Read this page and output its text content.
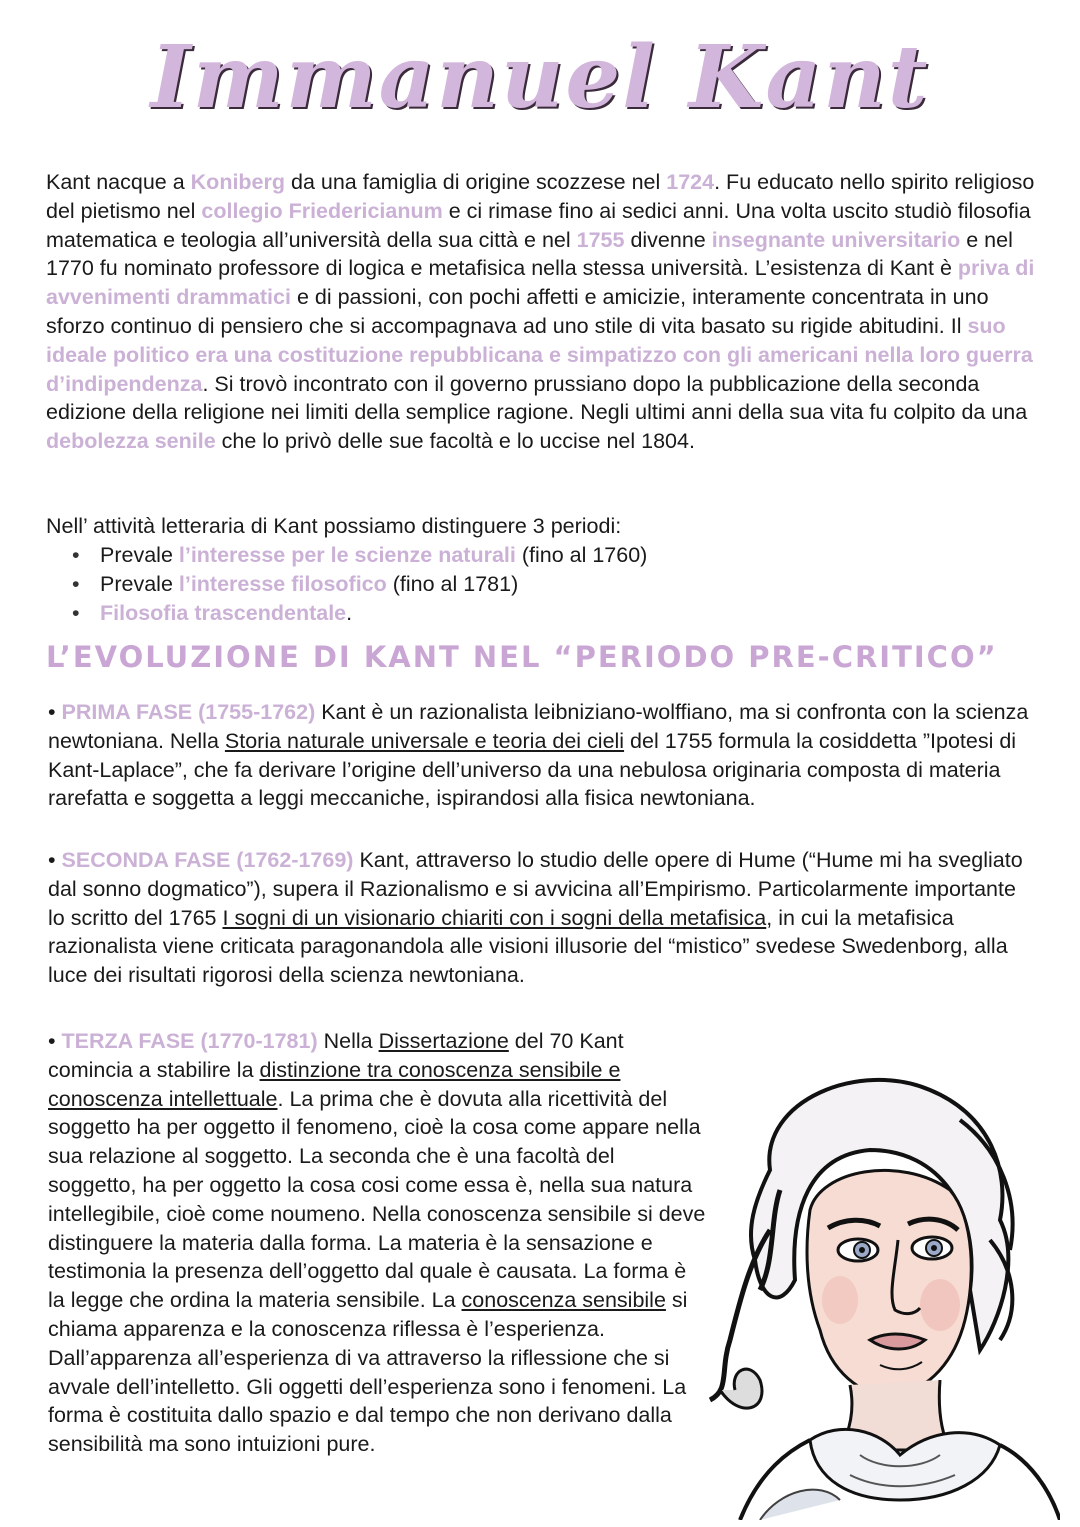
Immanuel Kant

Kant nacque a Koniberg da una famiglia di origine scozzese nel 1724. Fu educato nello spirito religioso del pietismo nel collegio Friedericianum e ci rimase fino ai sedici anni. Una volta uscito studiò filosofia matematica e teologia all’università della sua città e nel 1755 divenne insegnante universitario e nel 1770 fu nominato professore di logica e metafisica nella stessa università. L’esistenza di Kant è priva di avvenimenti drammatici e di passioni, con pochi affetti e amicizie, interamente concentrata in uno sforzo continuo di pensiero che si accompagnava ad uno stile di vita basato su rigide abitudini. Il suo ideale politico era una costituzione repubblicana e simpatizzo con gli americani nella loro guerra d’indipendenza. Si trovò incontrato con il governo prussiano dopo la pubblicazione della seconda edizione della religione nei limiti della semplice ragione. Negli ultimi anni della sua vita fu colpito da una debolezza senile che lo privò delle sue facoltà e lo uccise nel 1804.

Nell’ attività letteraria di Kant possiamo distinguere 3 periodi:

• Prevale l’interesse per le scienze naturali (fino al 1760)
• Prevale l’interesse filosofico (fino al 1781)
• Filosofia trascendentale.
L’EVOLUZIONE DI KANT NEL “PERIODO PRE-CRITICO”

• PRIMA FASE (1755-1762) Kant è un razionalista leibniziano-wolffiano, ma si confronta con la scienza newtoniana. Nella Storia naturale universale e teoria dei cieli del 1755 formula la cosiddetta ”Ipotesi di Kant-Laplace”, che fa derivare l’origine dell’universo da una nebulosa originaria composta di materia rarefatta e soggetta a leggi meccaniche, ispirandosi alla fisica newtoniana.

• SECONDA FASE (1762-1769) Kant, attraverso lo studio delle opere di Hume (“Hume mi ha svegliato dal sonno dogmatico”), supera il Razionalismo e si avvicina all’Empirismo. Particolarmente importante lo scritto del 1765 I sogni di un visionario chiariti con i sogni della metafisica, in cui la metafisica razionalista viene criticata paragonandola alle visioni illusorie del “mistico” svedese Swedenborg, alla luce dei risultati rigorosi della scienza newtoniana.

• TERZA FASE (1770-1781) Nella Dissertazione del 70 Kant comincia a stabilire la distinzione tra conoscenza sensibile e conoscenza intellettuale. La prima che è dovuta alla ricettività del soggetto ha per oggetto il fenomeno, cioè la cosa come appare nella sua relazione al soggetto. La seconda che è una facoltà del soggetto, ha per oggetto la cosa cosi come essa è, nella sua natura intellegibile, cioè come noumeno. Nella conoscenza sensibile si deve distinguere la materia dalla forma. La materia è la sensazione e testimonia la presenza dell’oggetto dal quale è causata. La forma è la legge che ordina la materia sensibile. La conoscenza sensibile si chiama apparenza e la conoscenza riflessa è l’esperienza. Dall’apparenza all’esperienza di va attraverso la riflessione che si avvale dell’intelletto. Gli oggetti dell’esperienza sono i fenomeni. La forma è costituita dallo spazio e dal tempo che non derivano dalla sensibilità ma sono intuizioni pure.
